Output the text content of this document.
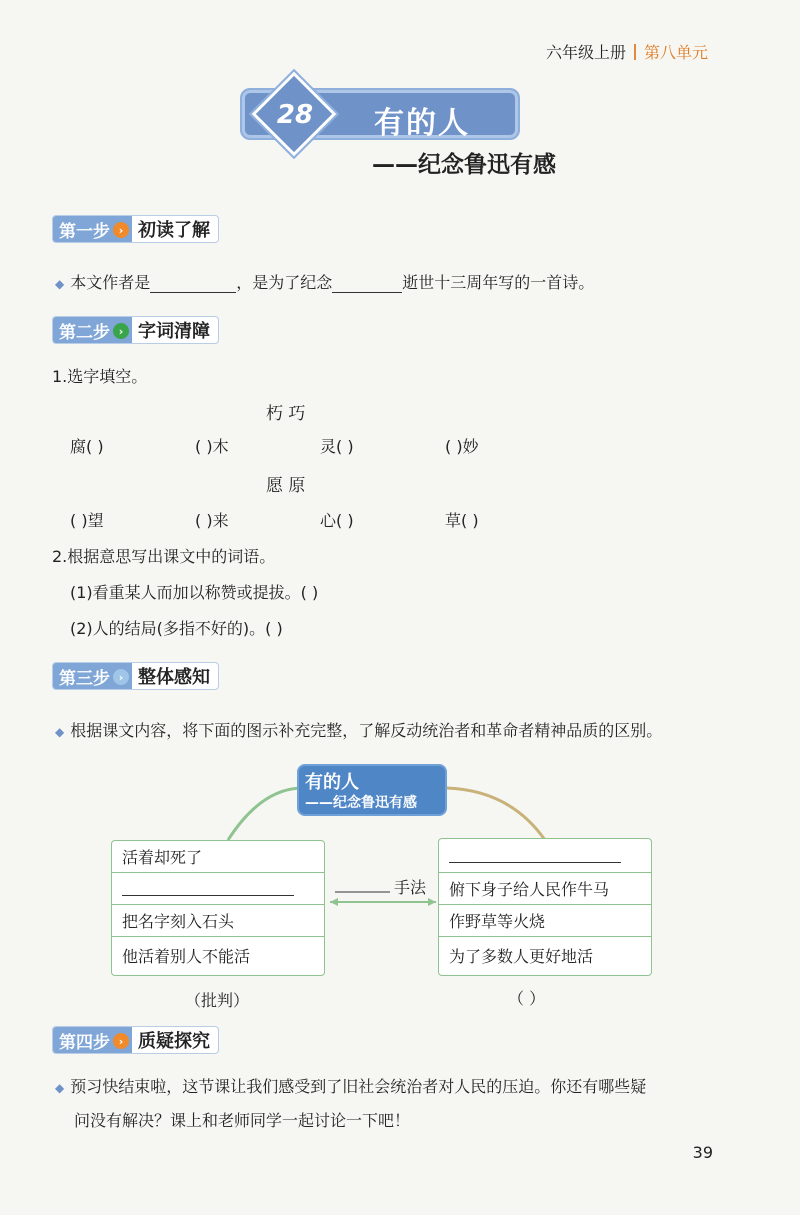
六年级上册 第八单元
28 有的人
——纪念鲁迅有感
第一步 › 初读了解
◆ 本文作者是	，是为了纪念	逝世十三周年写的一首诗。
第二步 › 字词清障
1.选字填空。
朽 巧
腐( )	( )木	灵( )	( )妙
愿 原
( )望	( )来	心( )	草( )
2.根据意思写出课文中的词语。
(1)看重某人而加以称赞或提拔。( )
(2)人的结局(多指不好的)。( )
第三步 › 整体感知
◆ 根据课文内容，将下面的图示补充完整，了解反动统治者和革命者精神品质的区别。
手法
有的人
——纪念鲁迅有感
活着却死了
把名字刻入石头
他活着别人不能活
（批判）
俯下身子给人民作牛马
作野草等火烧
为了多数人更好地活
（ ）
第四步 › 质疑探究
◆ 预习快结束啦，这节课让我们感受到了旧社会统治者对人民的压迫。你还有哪些疑
问没有解决？课上和老师同学一起讨论一下吧！
39
